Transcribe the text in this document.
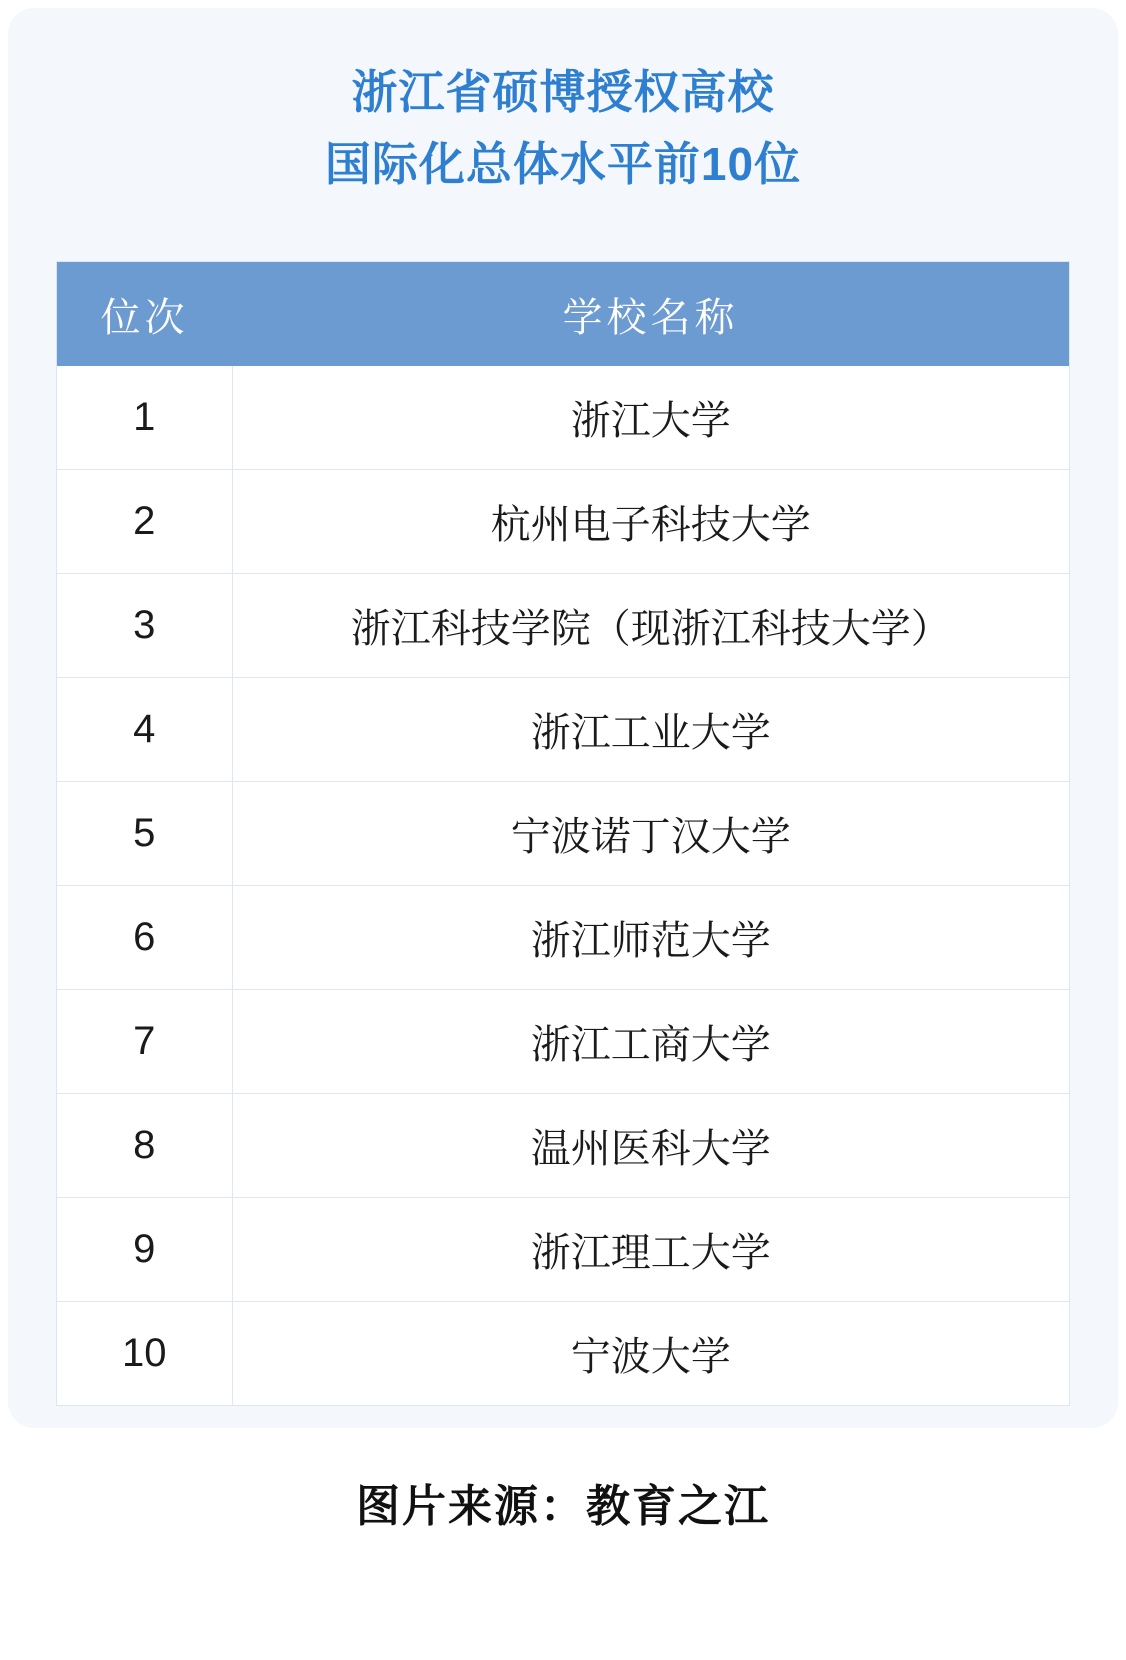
浙江省硕博授权高校
国际化总体水平前10位
位次	学校名称
1	浙江大学
2	杭州电子科技大学
3	浙江科技学院（现浙江科技大学）
4	浙江工业大学
5	宁波诺丁汉大学
6	浙江师范大学
7	浙江工商大学
8	温州医科大学
9	浙江理工大学
10	宁波大学
图片来源：教育之江
